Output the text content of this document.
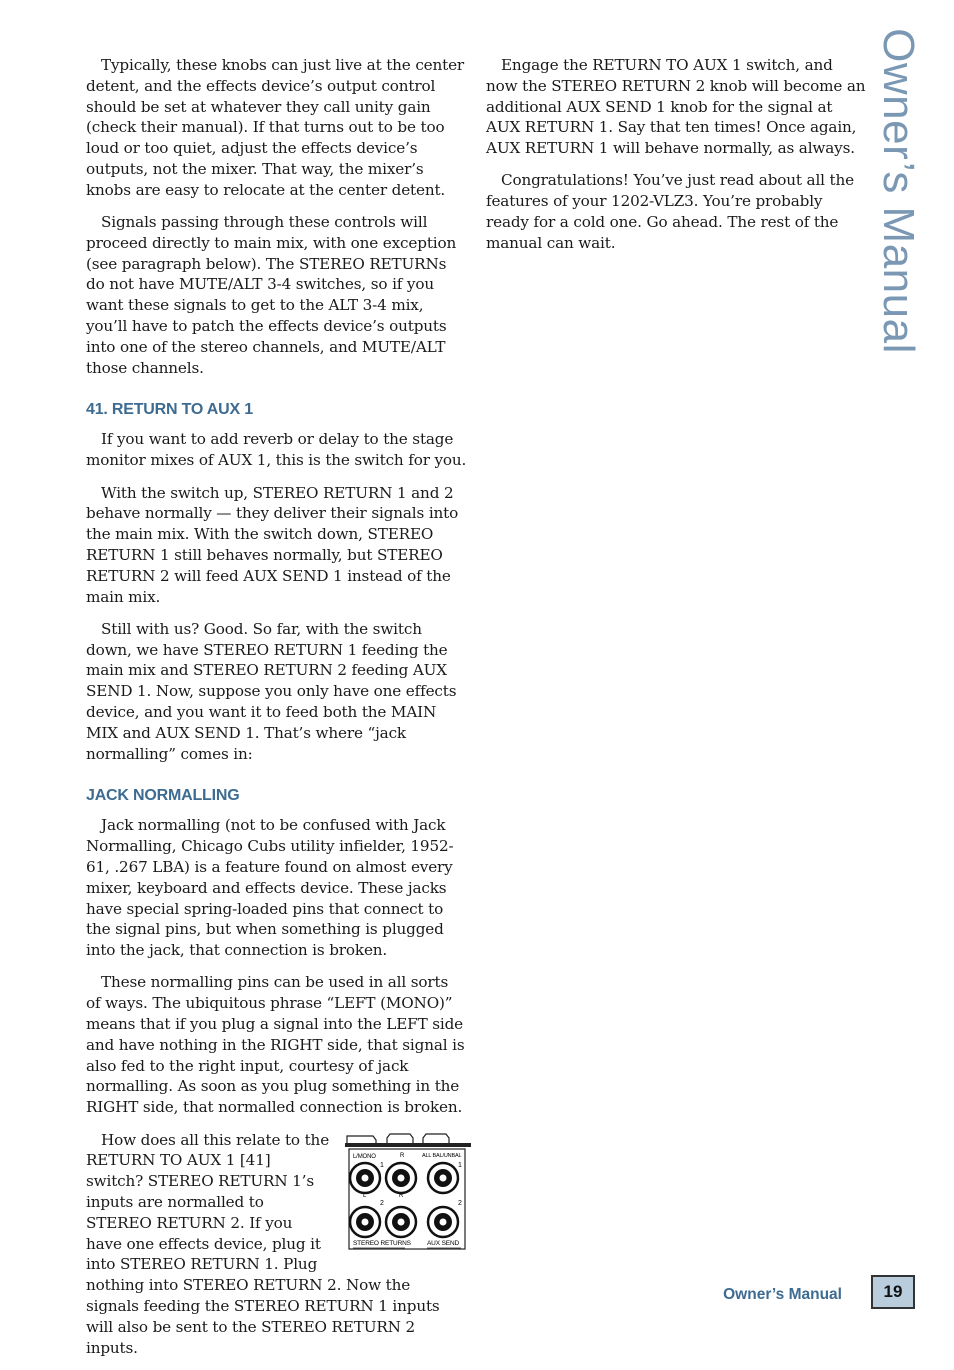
Owner’s Manual

Typically, these knobs can just live at the center detent, and the effects device’s output control should be set at whatever they call unity gain (check their manual). If that turns out to be too loud or too quiet, adjust the effects device’s outputs, not the mixer. That way, the mixer’s knobs are easy to relocate at the center detent.

Signals passing through these controls will proceed directly to main mix, with one exception (see paragraph below). The STEREO RETURNs do not have MUTE/ALT 3-4 switches, so if you want these signals to get to the ALT 3-4 mix, you’ll have to patch the effects device’s outputs into one of the stereo channels, and MUTE/ALT those channels.

41. RETURN TO AUX 1

If you want to add reverb or delay to the stage monitor mixes of AUX 1, this is the switch for you.

With the switch up, STEREO RETURN 1 and 2 behave normally — they deliver their signals into the main mix. With the switch down, STEREO RETURN 1 still behaves normally, but STEREO RETURN 2 will feed AUX SEND 1 instead of the main mix.

Still with us? Good. So far, with the switch down, we have STEREO RETURN 1 feeding the main mix and STEREO RETURN 2 feeding AUX SEND 1. Now, suppose you only have one effects device, and you want it to feed both the MAIN MIX and AUX SEND 1. That’s where “jack normalling” comes in:

JACK NORMALLING

Jack normalling (not to be confused with Jack Normalling, Chicago Cubs utility infielder, 1952-61, .267 LBA) is a feature found on almost every mixer, keyboard and effects device. These jacks have special spring-loaded pins that connect to the signal pins, but when something is plugged into the jack, that connection is broken.

These normalling pins can be used in all sorts of ways. The ubiquitous phrase “LEFT (MONO)” means that if you plug a signal into the LEFT side and have nothing in the RIGHT side, that signal is also fed to the right input, courtesy of jack normalling. As soon as you plug something in the RIGHT side, that normalled connection is broken.

L/MONO	R	ALL BAL/UNBAL
1	1
L	R
2	2
STEREO RETURNS AUX SEND

How does all this relate to the RETURN TO AUX 1 [41] switch? STEREO RETURN 1’s inputs are normalled to STEREO RETURN 2. If you have one effects device, plug it into STEREO RETURN 1. Plug nothing into STEREO RETURN 2. Now the signals feeding the STEREO RETURN 1 inputs will also be sent to the STEREO RETURN 2 inputs.

Engage the RETURN TO AUX 1 switch, and now the STEREO RETURN 2 knob will become an additional AUX SEND 1 knob for the signal at AUX RETURN 1. Say that ten times! Once again, AUX RETURN 1 will behave normally, as always.

Congratulations! You’ve just read about all the features of your 1202-VLZ3. You’re probably ready for a cold one. Go ahead. The rest of the manual can wait.

Owner’s Manual	19
